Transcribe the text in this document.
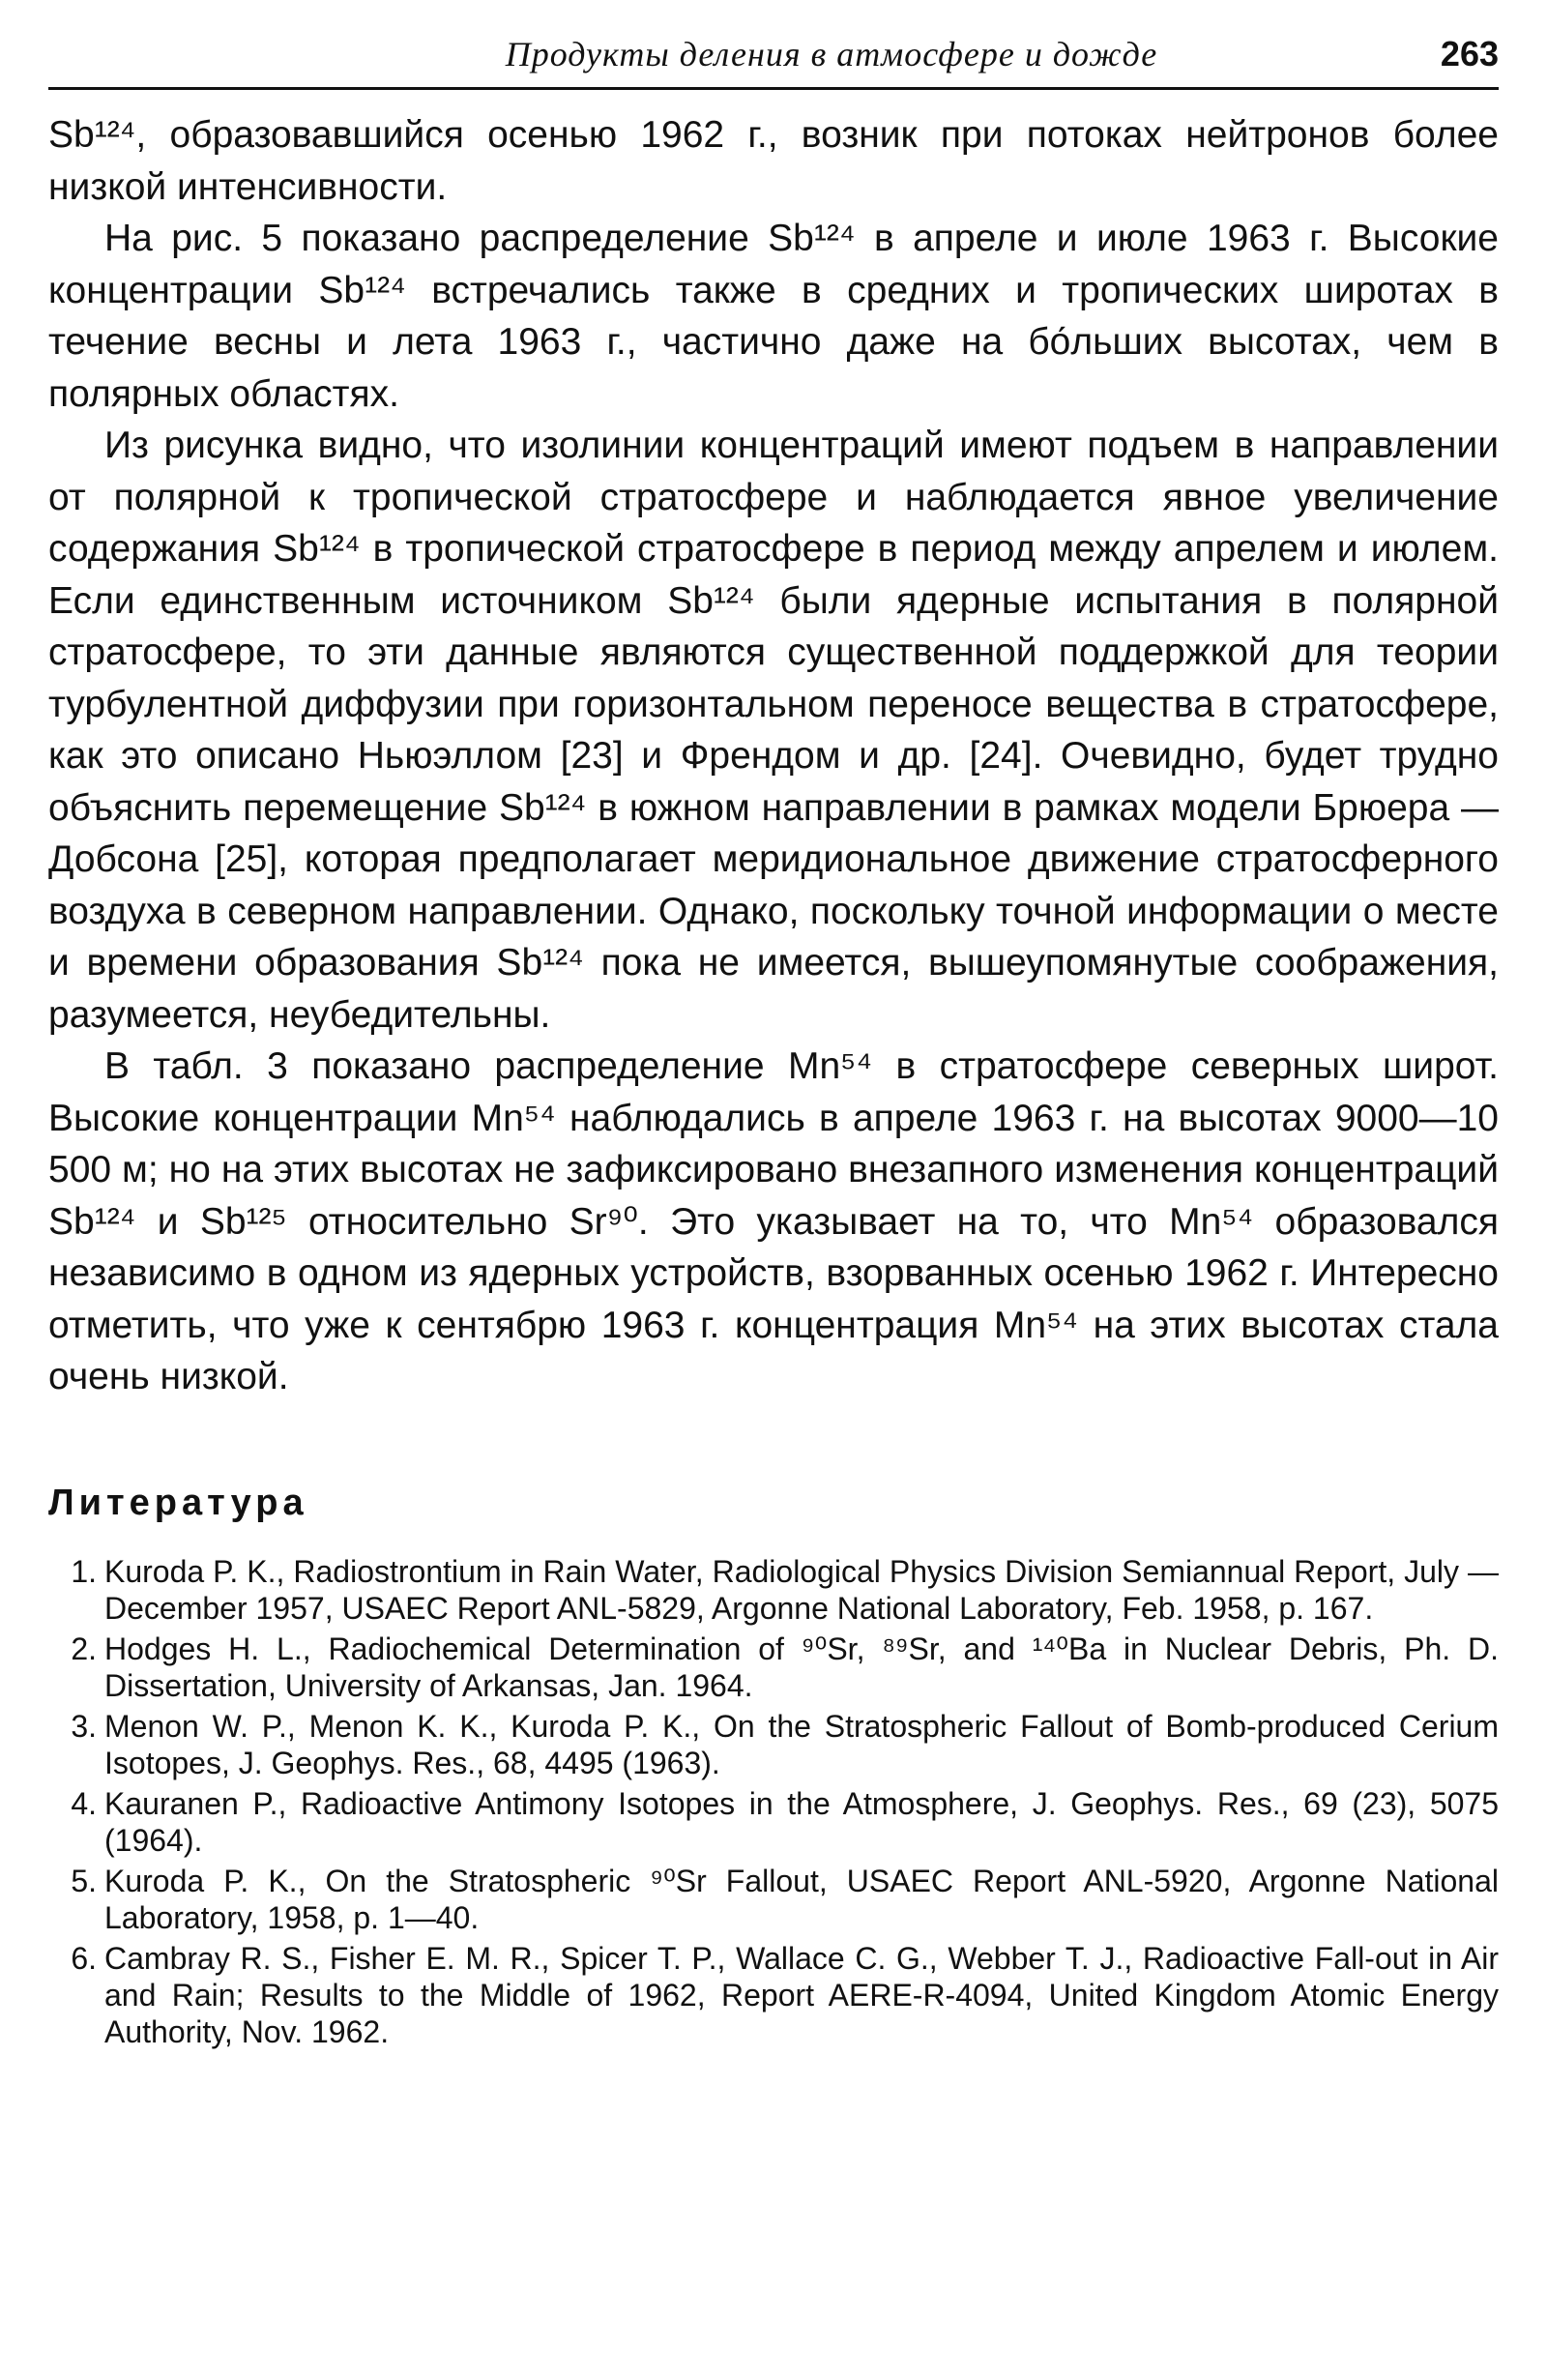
Продукты деления в атмосфере и дожде	263

Sb¹²⁴, образовавшийся осенью 1962 г., возник при потоках нейтронов более низкой интенсивности.

На рис. 5 показано распределение Sb¹²⁴ в апреле и июле 1963 г. Высокие концентрации Sb¹²⁴ встречались также в средних и тропических широтах в течение весны и лета 1963 г., частично даже на бо́льших высотах, чем в полярных областях.

Из рисунка видно, что изолинии концентраций имеют подъем в направлении от полярной к тропической стратосфере и наблюдается явное увеличение содержания Sb¹²⁴ в тропической стратосфере в период между апрелем и июлем. Если единственным источником Sb¹²⁴ были ядерные испытания в полярной стратосфере, то эти данные являются существенной поддержкой для теории турбулентной диффузии при горизонтальном переносе вещества в стратосфере, как это описано Ньюэллом [23] и Френдом и др. [24]. Очевидно, будет трудно объяснить перемещение Sb¹²⁴ в южном направлении в рамках модели Брюера — Добсона [25], которая предполагает меридиональное движение стратосферного воздуха в северном направлении. Однако, поскольку точной информации о месте и времени образования Sb¹²⁴ пока не имеется, вышеупомянутые соображения, разумеется, неубедительны.

В табл. 3 показано распределение Mn⁵⁴ в стратосфере северных широт. Высокие концентрации Mn⁵⁴ наблюдались в апреле 1963 г. на высотах 9000—10 500 м; но на этих высотах не зафиксировано внезапного изменения концентраций Sb¹²⁴ и Sb¹²⁵ относительно Sr⁹⁰. Это указывает на то, что Mn⁵⁴ образовался независимо в одном из ядерных устройств, взорванных осенью 1962 г. Интересно отметить, что уже к сентябрю 1963 г. концентрация Mn⁵⁴ на этих высотах стала очень низкой.

Литература
1. Kuroda P. K., Radiostrontium in Rain Water, Radiological Physics Division Semiannual Report, July — December 1957, USAEC Report ANL-5829, Argonne National Laboratory, Feb. 1958, p. 167.
2. Hodges H. L., Radiochemical Determination of ⁹⁰Sr, ⁸⁹Sr, and ¹⁴⁰Ba in Nuclear Debris, Ph. D. Dissertation, University of Arkansas, Jan. 1964.
3. Menon W. P., Menon K. K., Kuroda P. K., On the Stratospheric Fallout of Bomb-produced Cerium Isotopes, J. Geophys. Res., 68, 4495 (1963).
4. Kauranen P., Radioactive Antimony Isotopes in the Atmosphere, J. Geophys. Res., 69 (23), 5075 (1964).
5. Kuroda P. K., On the Stratospheric ⁹⁰Sr Fallout, USAEC Report ANL-5920, Argonne National Laboratory, 1958, p. 1—40.
6. Cambray R. S., Fisher E. M. R., Spicer T. P., Wallace C. G., Webber T. J., Radioactive Fall-out in Air and Rain; Results to the Middle of 1962, Report AERE-R-4094, United Kingdom Atomic Energy Authority, Nov. 1962.
